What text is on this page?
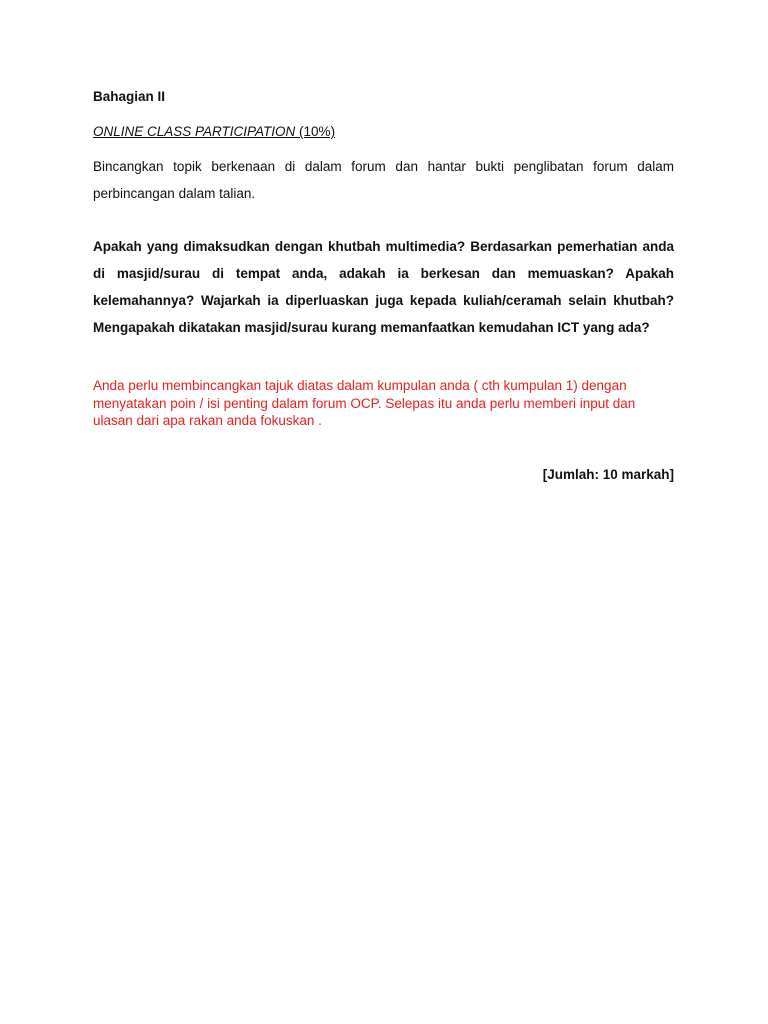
Bahagian II

ONLINE CLASS PARTICIPATION (10%)
Bincangkan topik berkenaan di dalam forum dan hantar bukti penglibatan forum dalam perbincangan dalam talian.
Apakah yang dimaksudkan dengan khutbah multimedia? Berdasarkan pemerhatian anda di masjid/surau di tempat anda, adakah ia berkesan dan memuaskan? Apakah kelemahannya? Wajarkah ia diperluaskan juga kepada kuliah/ceramah selain khutbah? Mengapakah dikatakan masjid/surau kurang memanfaatkan kemudahan ICT yang ada?
Anda perlu membincangkan tajuk diatas dalam kumpulan anda ( cth kumpulan 1) dengan menyatakan poin / isi penting dalam forum OCP. Selepas itu anda perlu memberi input dan ulasan dari apa rakan anda fokuskan .
[Jumlah: 10 markah]
